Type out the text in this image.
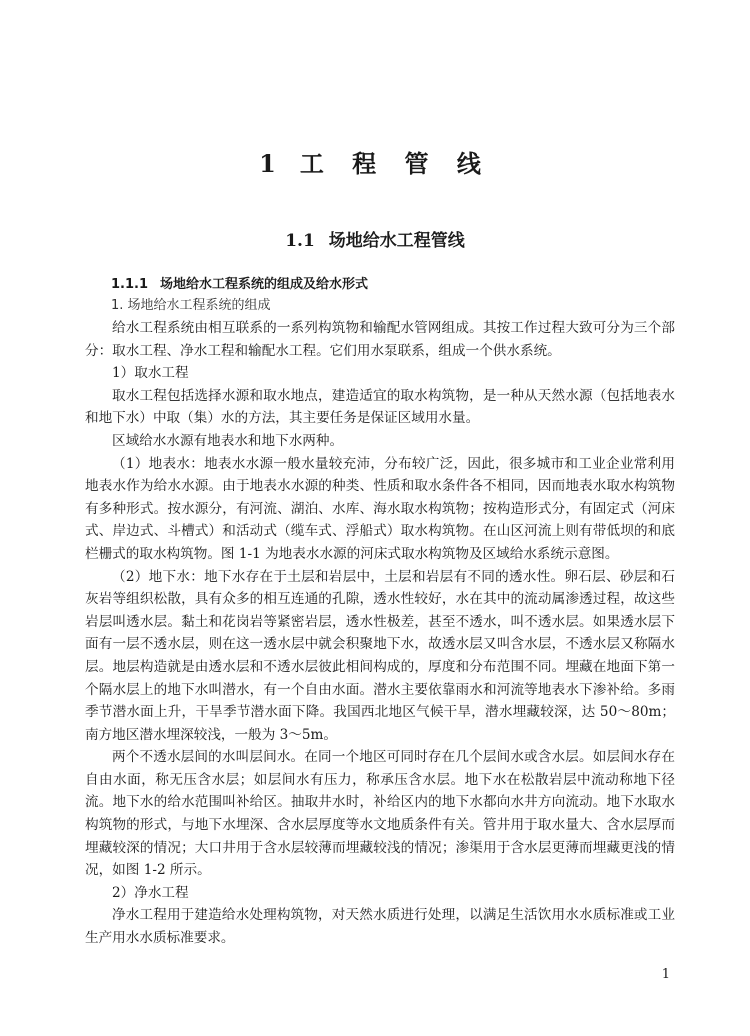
1 工 程 管 线
1.1 场地给水工程管线
1.1.1 场地给水工程系统的组成及给水形式
1. 场地给水工程系统的组成

给水工程系统由相互联系的一系列构筑物和输配水管网组成。其按工作过程大致可分为三个部分：取水工程、净水工程和输配水工程。它们用水泵联系，组成一个供水系统。

1）取水工程

取水工程包括选择水源和取水地点，建造适宜的取水构筑物，是一种从天然水源（包括地表水和地下水）中取（集）水的方法，其主要任务是保证区域用水量。

区域给水水源有地表水和地下水两种。

（1）地表水：地表水水源一般水量较充沛，分布较广泛，因此，很多城市和工业企业常利用地表水作为给水水源。由于地表水水源的种类、性质和取水条件各不相同，因而地表水取水构筑物有多种形式。按水源分，有河流、湖泊、水库、海水取水构筑物；按构造形式分，有固定式（河床式、岸边式、斗槽式）和活动式（缆车式、浮船式）取水构筑物。在山区河流上则有带低坝的和底栏栅式的取水构筑物。图 1-1 为地表水水源的河床式取水构筑物及区域给水系统示意图。

（2）地下水：地下水存在于土层和岩层中，土层和岩层有不同的透水性。卵石层、砂层和石灰岩等组织松散，具有众多的相互连通的孔隙，透水性较好，水在其中的流动属渗透过程，故这些岩层叫透水层。黏土和花岗岩等紧密岩层，透水性极差，甚至不透水，叫不透水层。如果透水层下面有一层不透水层，则在这一透水层中就会积聚地下水，故透水层又叫含水层，不透水层又称隔水层。地层构造就是由透水层和不透水层彼此相间构成的，厚度和分布范围不同。埋藏在地面下第一个隔水层上的地下水叫潜水，有一个自由水面。潜水主要依靠雨水和河流等地表水下渗补给。多雨季节潜水面上升，干旱季节潜水面下降。我国西北地区气候干旱，潜水埋藏较深，达 50～80m；南方地区潜水埋深较浅，一般为 3～5m。

两个不透水层间的水叫层间水。在同一个地区可同时存在几个层间水或含水层。如层间水存在自由水面，称无压含水层；如层间水有压力，称承压含水层。地下水在松散岩层中流动称地下径流。地下水的给水范围叫补给区。抽取井水时，补给区内的地下水都向水井方向流动。地下水取水构筑物的形式，与地下水埋深、含水层厚度等水文地质条件有关。管井用于取水量大、含水层厚而埋藏较深的情况；大口井用于含水层较薄而埋藏较浅的情况；渗渠用于含水层更薄而埋藏更浅的情况，如图 1-2 所示。

2）净水工程

净水工程用于建造给水处理构筑物，对天然水质进行处理，以满足生活饮用水水质标准或工业生产用水水质标准要求。

1
